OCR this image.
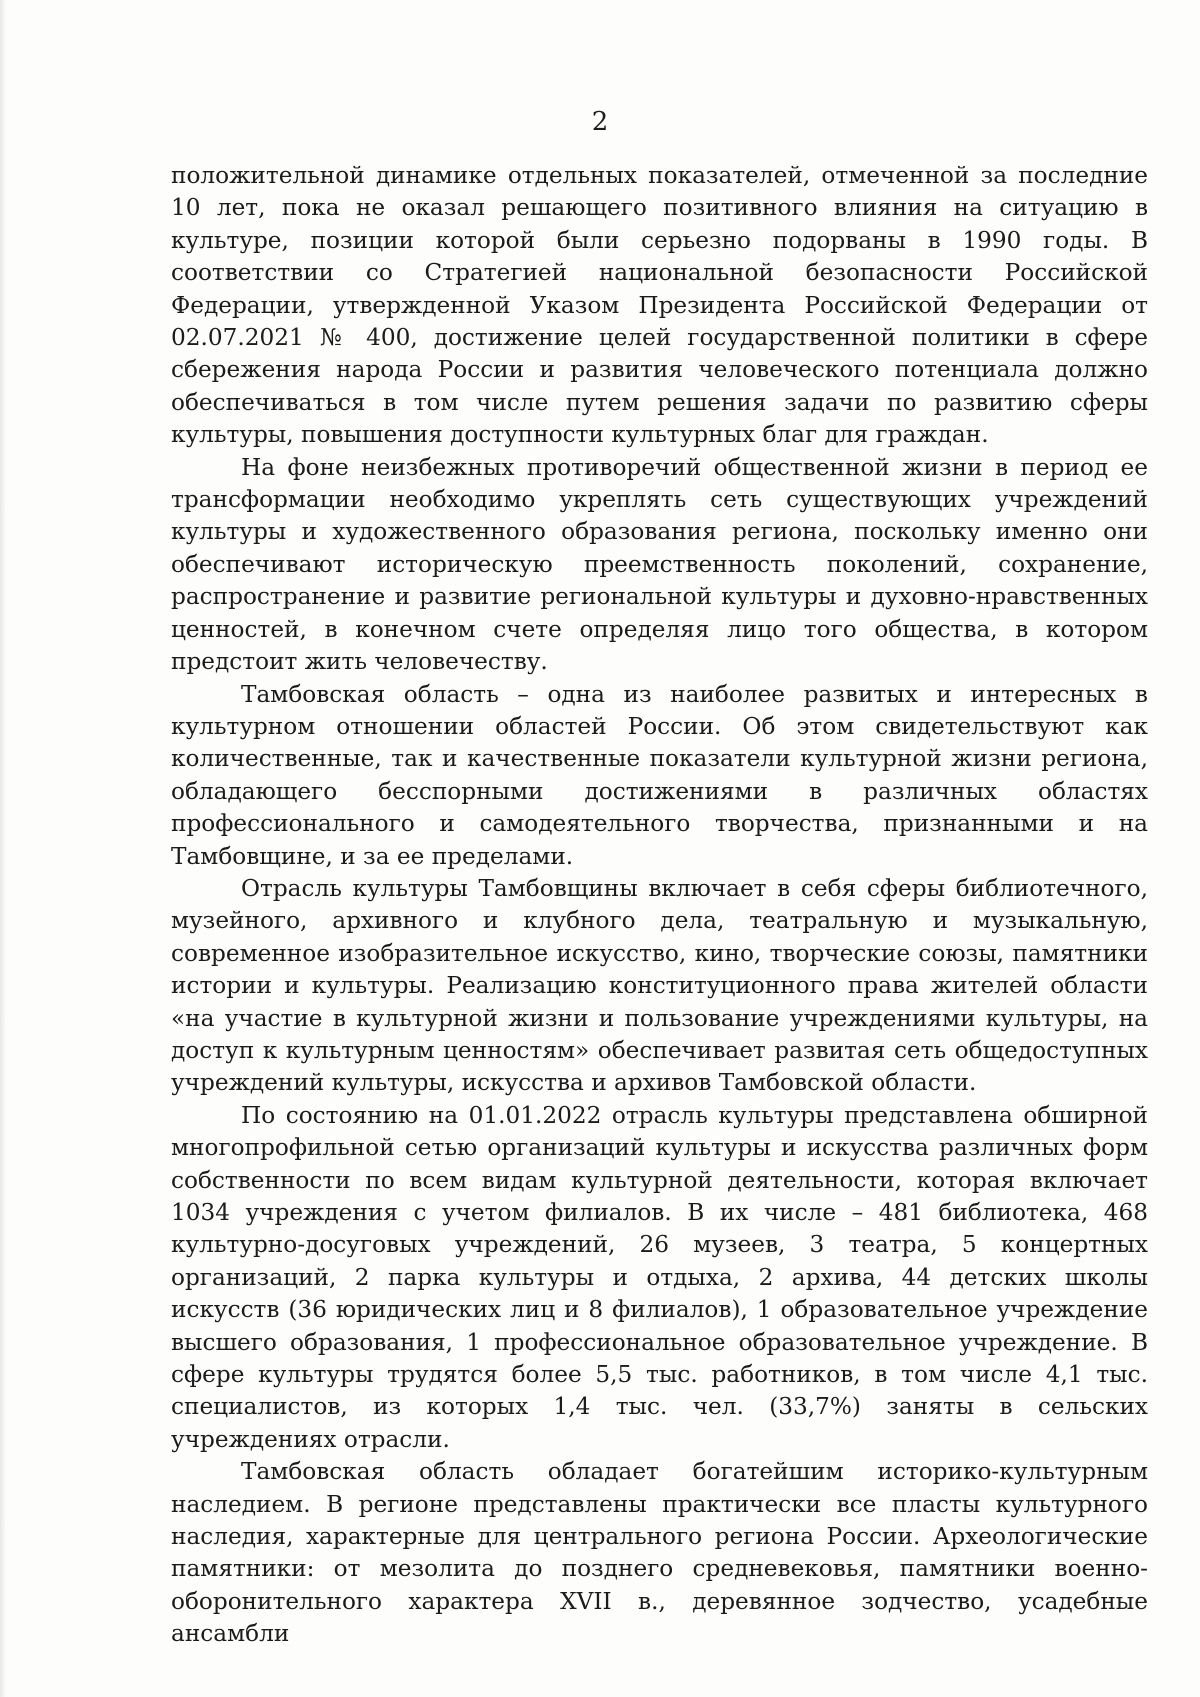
2

положительной динамике отдельных показателей, отмеченной за последние 10 лет, пока не оказал решающего позитивного влияния на ситуацию в культуре, позиции которой были серьезно подорваны в 1990 годы. В соответствии со Стратегией национальной безопасности Российской Федерации, утвержденной Указом Президента Российской Федерации от 02.07.2021 № 400, достижение целей государственной политики в сфере сбережения народа России и развития человеческого потенциала должно обеспечиваться в том числе путем решения задачи по развитию сферы культуры, повышения доступности культурных благ для граждан.

На фоне неизбежных противоречий общественной жизни в период ее трансформации необходимо укреплять сеть существующих учреждений культуры и художественного образования региона, поскольку именно они обеспечивают историческую преемственность поколений, сохранение, распространение и развитие региональной культуры и духовно-нравственных ценностей, в конечном счете определяя лицо того общества, в котором предстоит жить человечеству.

Тамбовская область – одна из наиболее развитых и интересных в культурном отношении областей России. Об этом свидетельствуют как количественные, так и качественные показатели культурной жизни региона, обладающего бесспорными достижениями в различных областях профессионального и самодеятельного творчества, признанными и на Тамбовщине, и за ее пределами.

Отрасль культуры Тамбовщины включает в себя сферы библиотечного, музейного, архивного и клубного дела, театральную и музыкальную, современное изобразительное искусство, кино, творческие союзы, памятники истории и культуры. Реализацию конституционного права жителей области «на участие в культурной жизни и пользование учреждениями культуры, на доступ к культурным ценностям» обеспечивает развитая сеть общедоступных учреждений культуры, искусства и архивов Тамбовской области.

По состоянию на 01.01.2022 отрасль культуры представлена обширной многопрофильной сетью организаций культуры и искусства различных форм собственности по всем видам культурной деятельности, которая включает 1034 учреждения с учетом филиалов. В их числе – 481 библиотека, 468 культурно-досуговых учреждений, 26 музеев, 3 театра, 5 концертных организаций, 2 парка культуры и отдыха, 2 архива, 44 детских школы искусств (36 юридических лиц и 8 филиалов), 1 образовательное учреждение высшего образования, 1 профессиональное образовательное учреждение. В сфере культуры трудятся более 5,5 тыс. работников, в том числе 4,1 тыс. специалистов, из которых 1,4 тыс. чел. (33,7%) заняты в сельских учреждениях отрасли.

Тамбовская область обладает богатейшим историко-культурным наследием. В регионе представлены практически все пласты культурного наследия, характерные для центрального региона России. Археологические памятники: от мезолита до позднего средневековья, памятники военно-оборонительного характера XVII в., деревянное зодчество, усадебные ансамбли
